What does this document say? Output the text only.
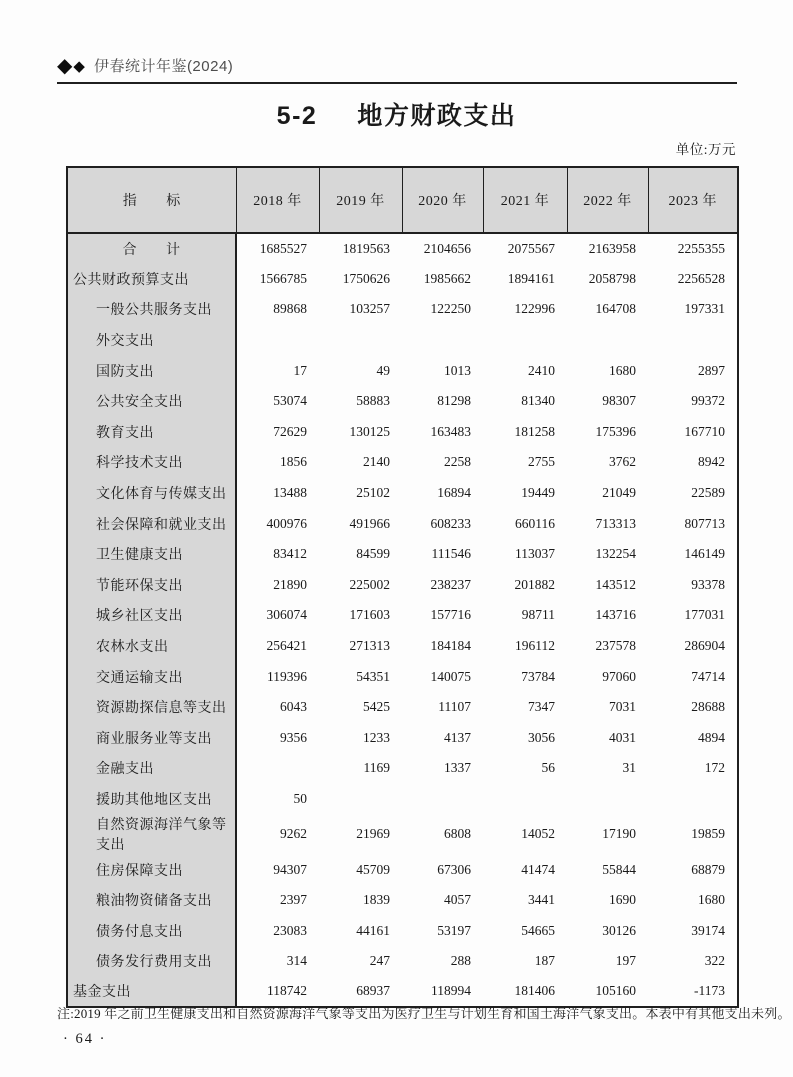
◆ ◆ 伊春统计年鉴(2024)
5-2 地方财政支出
单位:万元
指　　标	2018 年	2019 年	2020 年	2021 年	2022 年	2023 年
合　　计	1685527	1819563	2104656	2075567	2163958	2255355
公共财政预算支出	1566785	1750626	1985662	1894161	2058798	2256528
一般公共服务支出	89868	103257	122250	122996	164708	197331
外交支出						
国防支出	17	49	1013	2410	1680	2897
公共安全支出	53074	58883	81298	81340	98307	99372
教育支出	72629	130125	163483	181258	175396	167710
科学技术支出	1856	2140	2258	2755	3762	8942
文化体育与传媒支出	13488	25102	16894	19449	21049	22589
社会保障和就业支出	400976	491966	608233	660116	713313	807713
卫生健康支出	83412	84599	111546	113037	132254	146149
节能环保支出	21890	225002	238237	201882	143512	93378
城乡社区支出	306074	171603	157716	98711	143716	177031
农林水支出	256421	271313	184184	196112	237578	286904
交通运输支出	119396	54351	140075	73784	97060	74714
资源勘探信息等支出	6043	5425	11107	7347	7031	28688
商业服务业等支出	9356	1233	4137	3056	4031	4894
金融支出		1169	1337	56	31	172
援助其他地区支出	50					
自然资源海洋气象等支出	9262	21969	6808	14052	17190	19859
住房保障支出	94307	45709	67306	41474	55844	68879
粮油物资储备支出	2397	1839	4057	3441	1690	1680
债务付息支出	23083	44161	53197	54665	30126	39174
债务发行费用支出	314	247	288	187	197	322
基金支出	118742	68937	118994	181406	105160	-1173
注:2019 年之前卫生健康支出和自然资源海洋气象等支出为医疗卫生与计划生育和国土海洋气象支出。本表中有其他支出未列。
· 64 ·
